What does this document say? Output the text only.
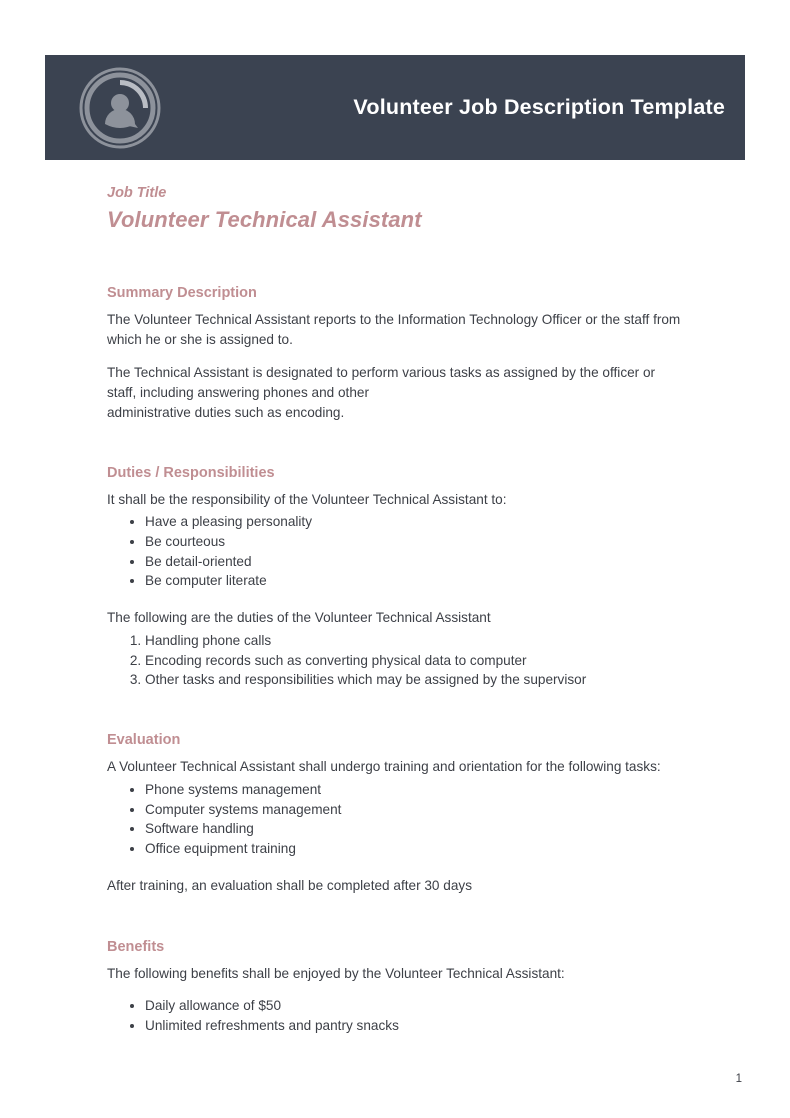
Volunteer Job Description Template

Job Title

Volunteer Technical Assistant

Summary Description

The Volunteer Technical Assistant reports to the Information Technology Officer or the staff from which he or she is assigned to.

The Technical Assistant is designated to perform various tasks as assigned by the officer or staff, including answering phones and other
administrative duties such as encoding.

Duties / Responsibilities

It shall be the responsibility of the Volunteer Technical Assistant to:

• Have a pleasing personality
• Be courteous
• Be detail-oriented
• Be computer literate

The following are the duties of the Volunteer Technical Assistant

1. Handling phone calls
2. Encoding records such as converting physical data to computer
3. Other tasks and responsibilities which may be assigned by the supervisor
Evaluation

A Volunteer Technical Assistant shall undergo training and orientation for the following tasks:

• Phone systems management
• Computer systems management
• Software handling
• Office equipment training

After training, an evaluation shall be completed after 30 days

Benefits

The following benefits shall be enjoyed by the Volunteer Technical Assistant:

• Daily allowance of $50
• Unlimited refreshments and pantry snacks
1
